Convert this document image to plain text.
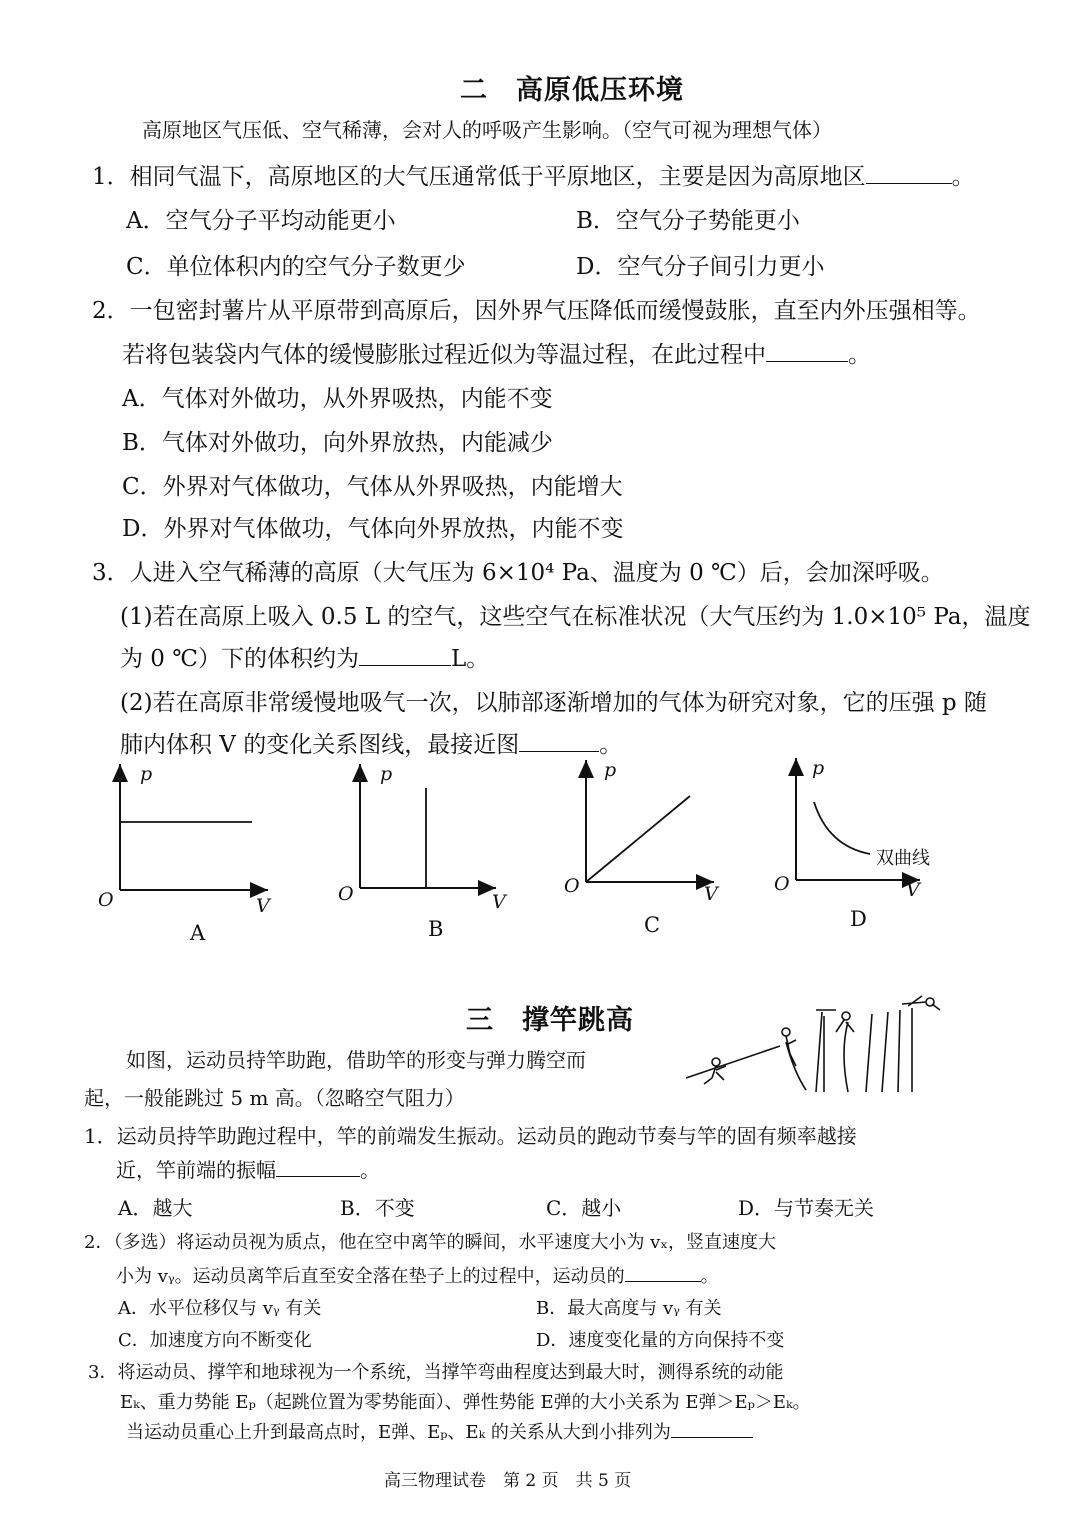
二　高原低压环境
高原地区气压低、空气稀薄，会对人的呼吸产生影响。（空气可视为理想气体）
1．相同气温下，高原地区的大气压通常低于平原地区，主要是因为高原地区	。
A．空气分子平均动能更小	B．空气分子势能更小
C．单位体积内的空气分子数更少	D．空气分子间引力更小
2．一包密封薯片从平原带到高原后，因外界气压降低而缓慢鼓胀，直至内外压强相等。
若将包装袋内气体的缓慢膨胀过程近似为等温过程，在此过程中	。
A．气体对外做功，从外界吸热，内能不变
B．气体对外做功，向外界放热，内能减少
C．外界对气体做功，气体从外界吸热，内能增大
D．外界对气体做功，气体向外界放热，内能不变
3．人进入空气稀薄的高原（大气压为 6×10⁴ Pa、温度为 0 ℃）后，会加深呼吸。
(1)若在高原上吸入 0.5 L 的空气，这些空气在标准状况（大气压约为 1.0×10⁵ Pa，温度
为 0 ℃）下的体积约为	L。
(2)若在高原非常缓慢地吸气一次，以肺部逐渐增加的气体为研究对象，它的压强 p 随
肺内体积 V 的变化关系图线，最接近图	。
p
V
O
A
p
V
O
B
p
V
O
C
p
V
O
双曲线
D
三　撑竿跳高
如图，运动员持竿助跑，借助竿的形变与弹力腾空而
起，一般能跳过 5 m 高。（忽略空气阻力）
1．运动员持竿助跑过程中，竿的前端发生振动。运动员的跑动节奏与竿的固有频率越接
近，竿前端的振幅	。
A．越大	B．不变	C．越小	D．与节奏无关
2．（多选）将运动员视为质点，他在空中离竿的瞬间，水平速度大小为 vₓ，竖直速度大
小为 vᵧ。运动员离竿后直至安全落在垫子上的过程中，运动员的	。
A．水平位移仅与 vᵧ 有关	B．最大高度与 vᵧ 有关
C．加速度方向不断变化	D．速度变化量的方向保持不变
3．将运动员、撑竿和地球视为一个系统，当撑竿弯曲程度达到最大时，测得系统的动能
Eₖ、重力势能 Eₚ（起跳位置为零势能面）、弹性势能 E弹的大小关系为 E弹＞Eₚ＞Eₖ。
当运动员重心上升到最高点时，E弹、Eₚ、Eₖ 的关系从大到小排列为
高三物理试卷　第 2 页　共 5 页
